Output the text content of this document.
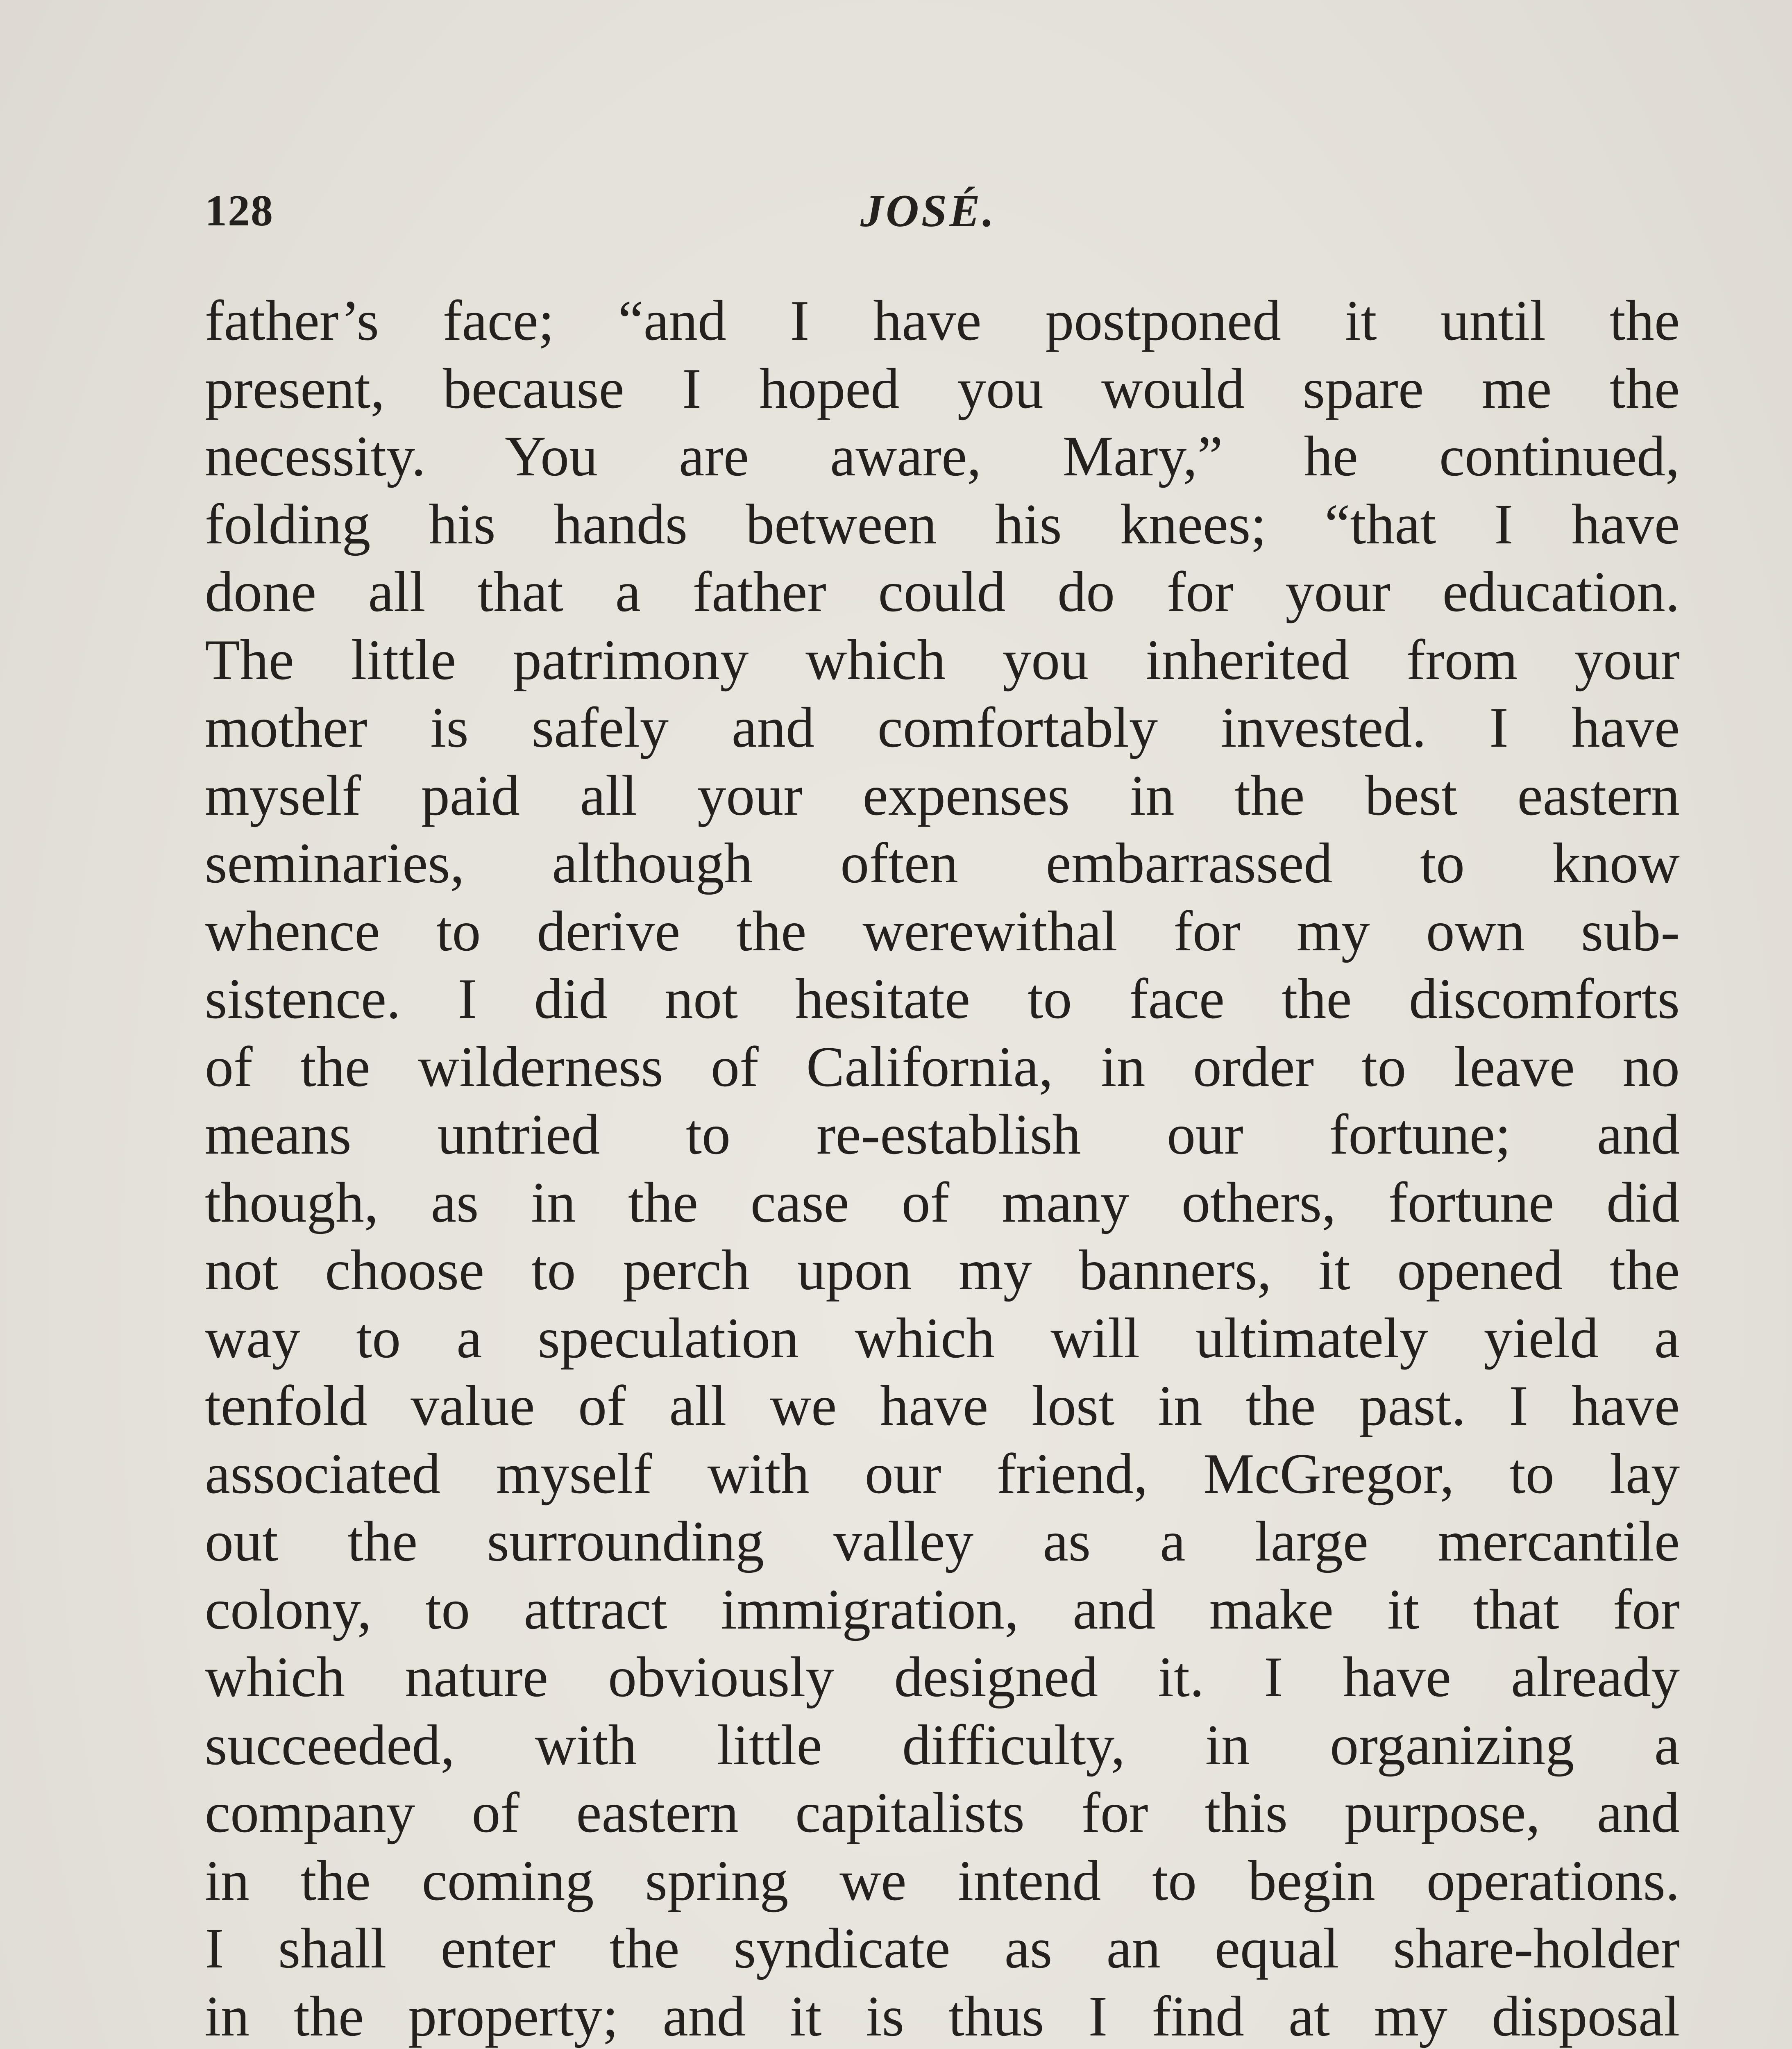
128	JOSÉ.
father’s face; “and I have postponed it until the
present, because I hoped you would spare me the
necessity. You are aware, Mary,” he continued,
folding his hands between his knees; “that I have
done all that a father could do for your education.
The little patrimony which you inherited from your
mother is safely and comfortably invested. I have
myself paid all your expenses in the best eastern
seminaries, although often embarrassed to know
whence to derive the werewithal for my own sub-
sistence. I did not hesitate to face the discomforts
of the wilderness of California, in order to leave no
means untried to re-establish our fortune; and
though, as in the case of many others, fortune did
not choose to perch upon my banners, it opened the
way to a speculation which will ultimately yield a
tenfold value of all we have lost in the past. I have
associated myself with our friend, McGregor, to lay
out the surrounding valley as a large mercantile
colony, to attract immigration, and make it that for
which nature obviously designed it. I have already
succeeded, with little difficulty, in organizing a
company of eastern capitalists for this purpose, and
in the coming spring we intend to begin operations.
I shall enter the syndicate as an equal share-holder
in the property; and it is thus I find at my disposal
